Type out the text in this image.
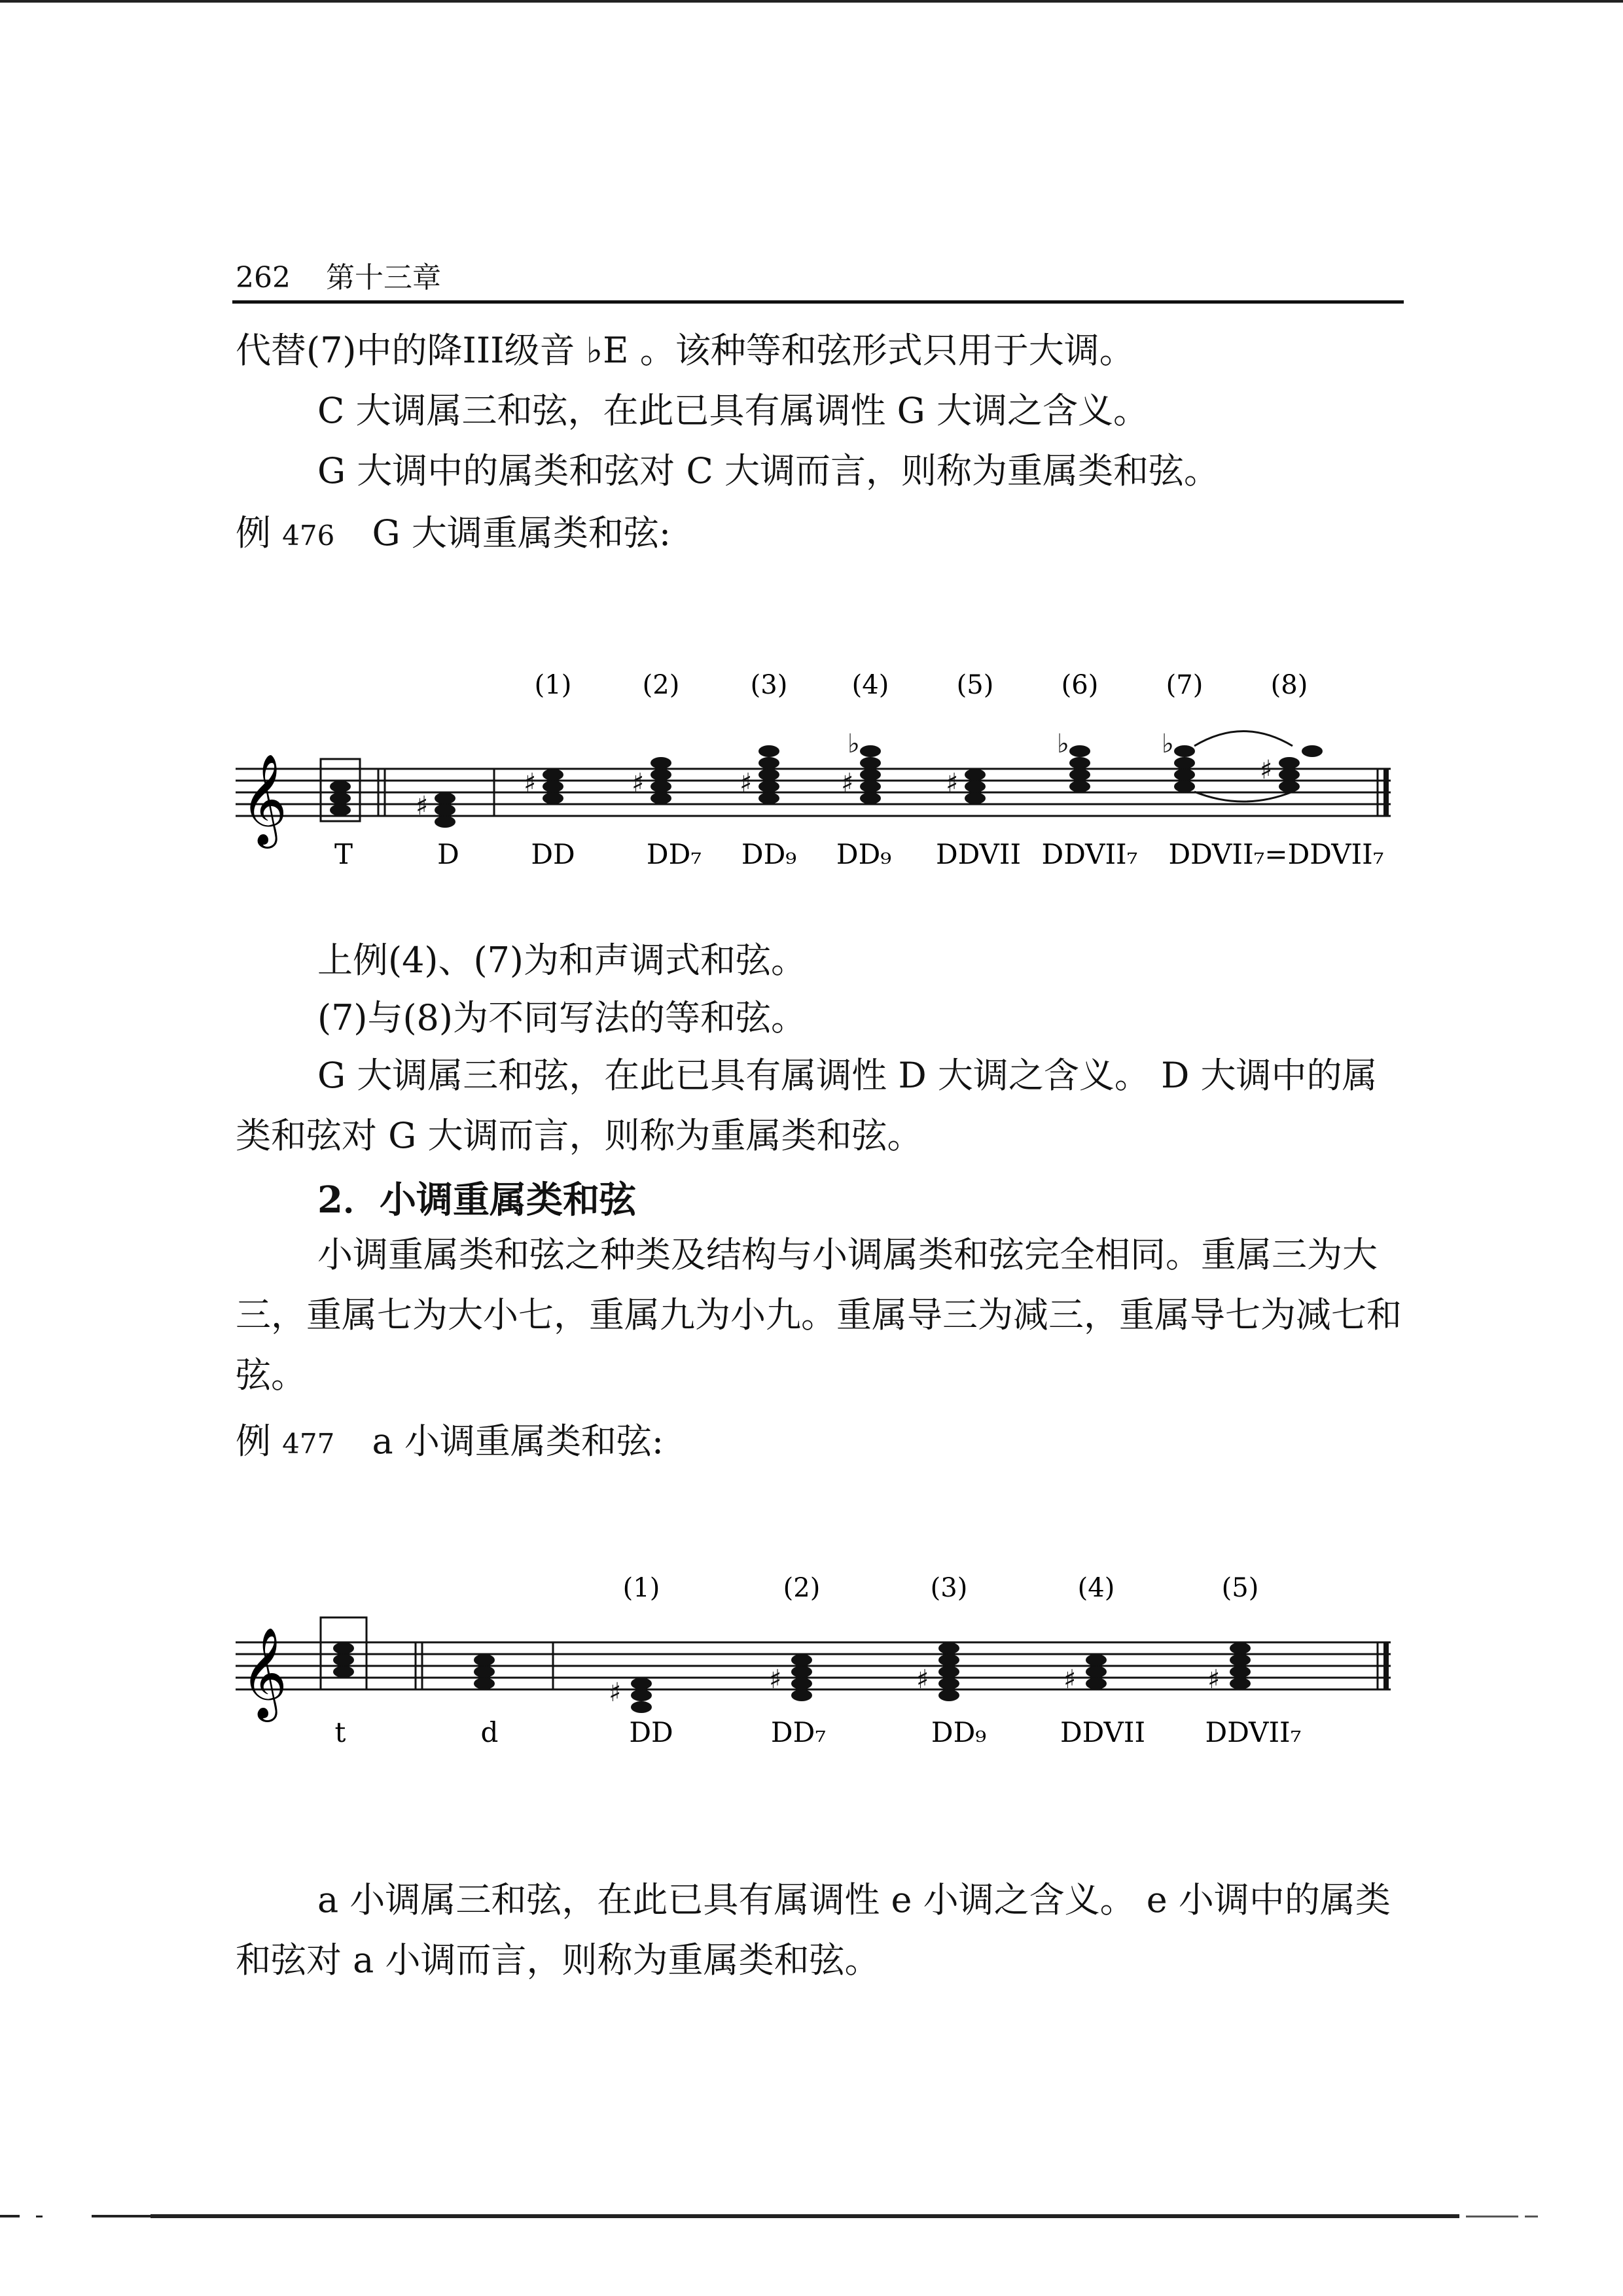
262 第十三章

代替(7)中的降III级音 ♭E 。该种等和弦形式只用于大调。

C 大调属三和弦，在此已具有属调性 G 大调之含义。

G 大调中的属类和弦对 C 大调而言，则称为重属类和弦。

例 476 G 大调重属类和弦:
(1)	(2)	(3) (4)	(5)	(6)	(7)	(8)
𝄞	♯
♯	♯	♯	♯
♭
♯
♭	♭
♯
T	D	DD	DD₇ DD₉ DD₉ DDVII DDVII₇ DDVII₇=DDVII₇

上例(4)、(7)为和声调式和弦。

(7)与(8)为不同写法的等和弦。

G 大调属三和弦，在此已具有属调性 D 大调之含义。 D 大调中的属类和弦对 G 大调而言，则称为重属类和弦。

2．小调重属类和弦

小调重属类和弦之种类及结构与小调属类和弦完全相同。重属三为大三，重属七为大小七，重属九为小九。重属导三为减三，重属导七为减七和弦。

例 477 a 小调重属类和弦:
(1)	(2)	(3)	(4)	(5)
𝄞	♯	♯	♯	♯	♯
t	d	DD	DD₇	DD₉	DDVII DDVII₇

a 小调属三和弦，在此已具有属调性 e 小调之含义。 e 小调中的属类和弦对 a 小调而言，则称为重属类和弦。
